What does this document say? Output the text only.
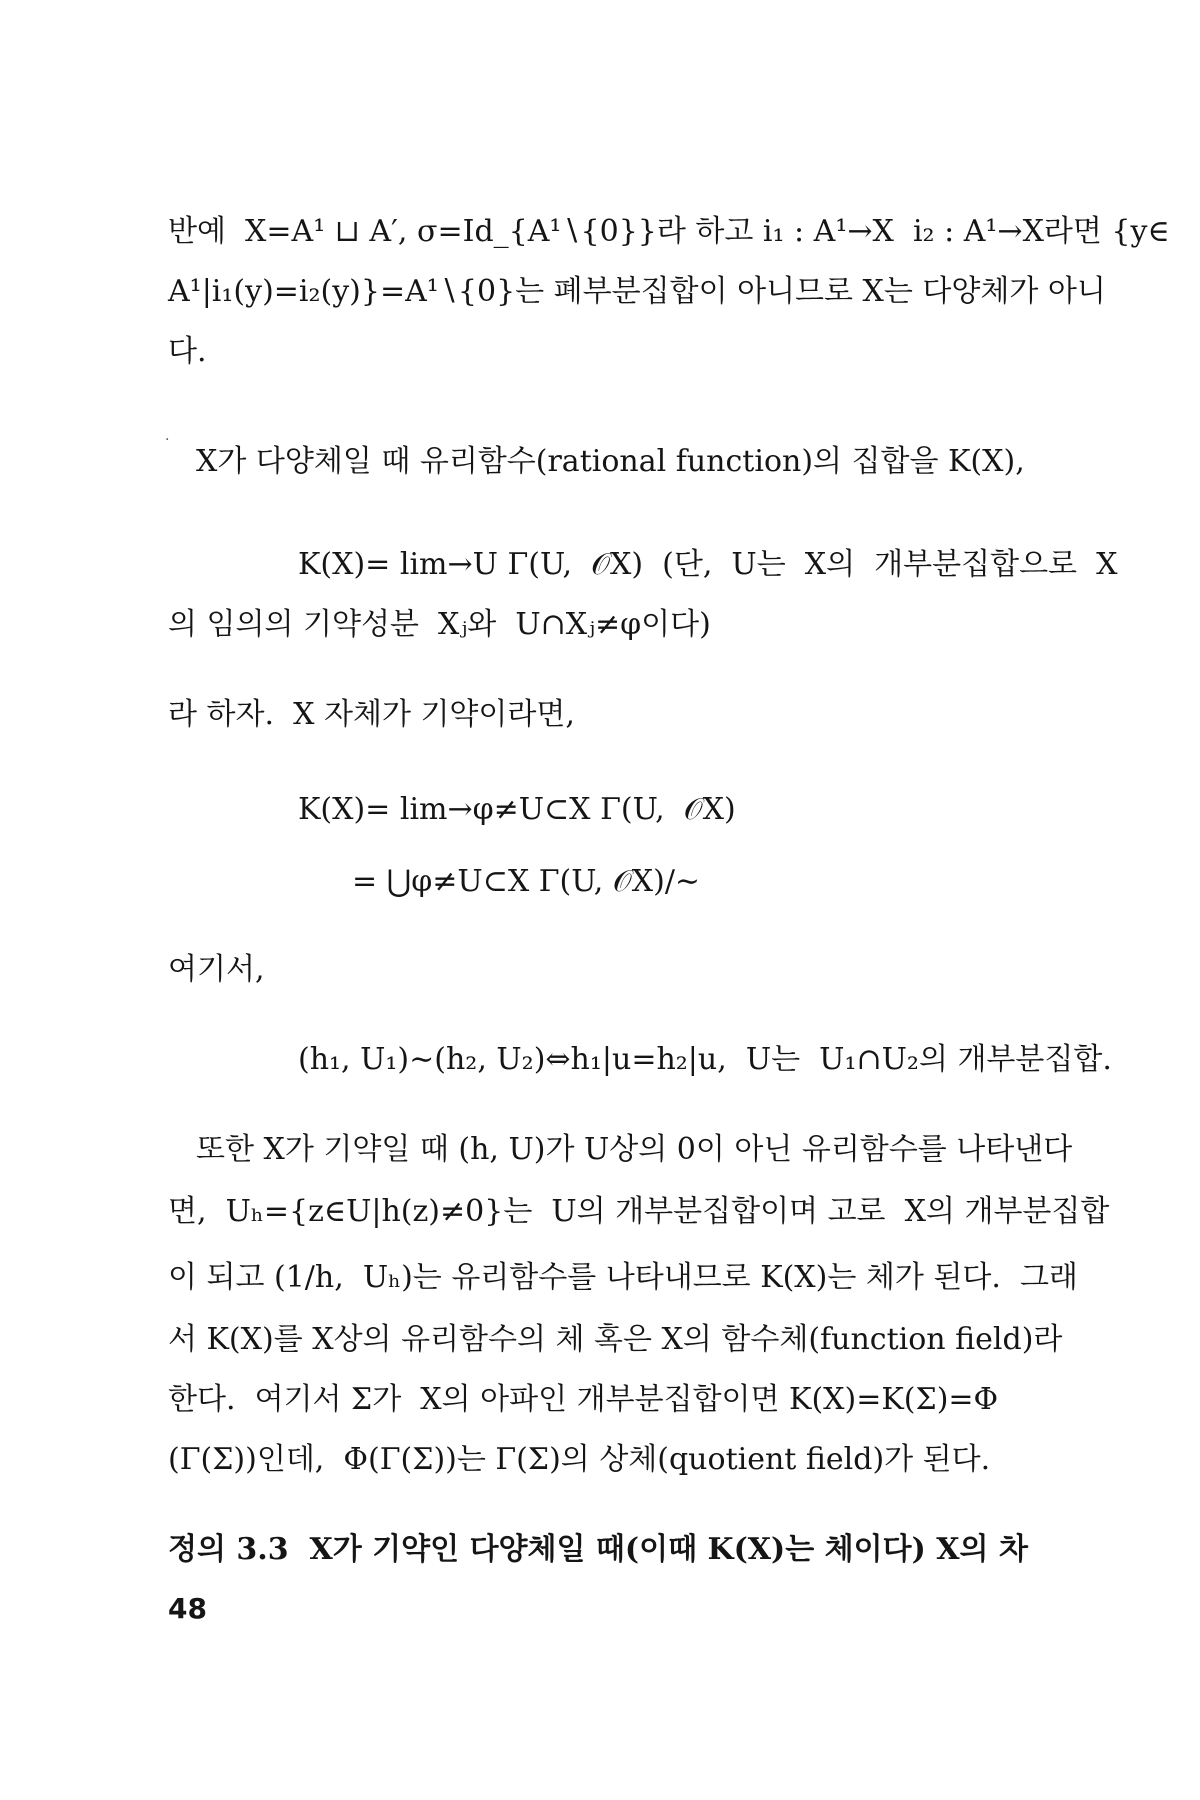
반예  X=A¹ ⊔ A′, σ=Id_{A¹∖{0}}라 하고 i₁ : A¹→X  i₂ : A¹→X라면 {y∈

A¹|i₁(y)=i₂(y)}=A¹∖{0}는 폐부분집합이 아니므로 X는 다양체가 아니

다.

·

X가 다양체일 때 유리함수(rational function)의 집합을 K(X),

K(X)= lim→U Γ(U,  𝒪X)  (단,  U는  X의  개부분집합으로  X

의 임의의 기약성분  Xⱼ와  U∩Xⱼ≠φ이다)

라 하자.  X 자체가 기약이라면,

K(X)= lim→φ≠U⊂X Γ(U,  𝒪X)

= ⋃φ≠U⊂X Γ(U, 𝒪X)/∼

여기서,

(h₁, U₁)∼(h₂, U₂)⇔h₁|u=h₂|u,  U는  U₁∩U₂의 개부분집합.

또한 X가 기약일 때 (h, U)가 U상의 0이 아닌 유리함수를 나타낸다

면,  Uₕ={z∈U|h(z)≠0}는  U의 개부분집합이며 고로  X의 개부분집합

이 되고 (1/h,  Uₕ)는 유리함수를 나타내므로 K(X)는 체가 된다.  그래

서 K(X)를 X상의 유리함수의 체 혹은 X의 함수체(function field)라

한다.  여기서 Σ가  X의 아파인 개부분집합이면 K(X)=K(Σ)=Φ

(Γ(Σ))인데,  Φ(Γ(Σ))는 Γ(Σ)의 상체(quotient field)가 된다.

정의 3.3  X가 기약인 다양체일 때(이때 K(X)는 체이다) X의 차

48
